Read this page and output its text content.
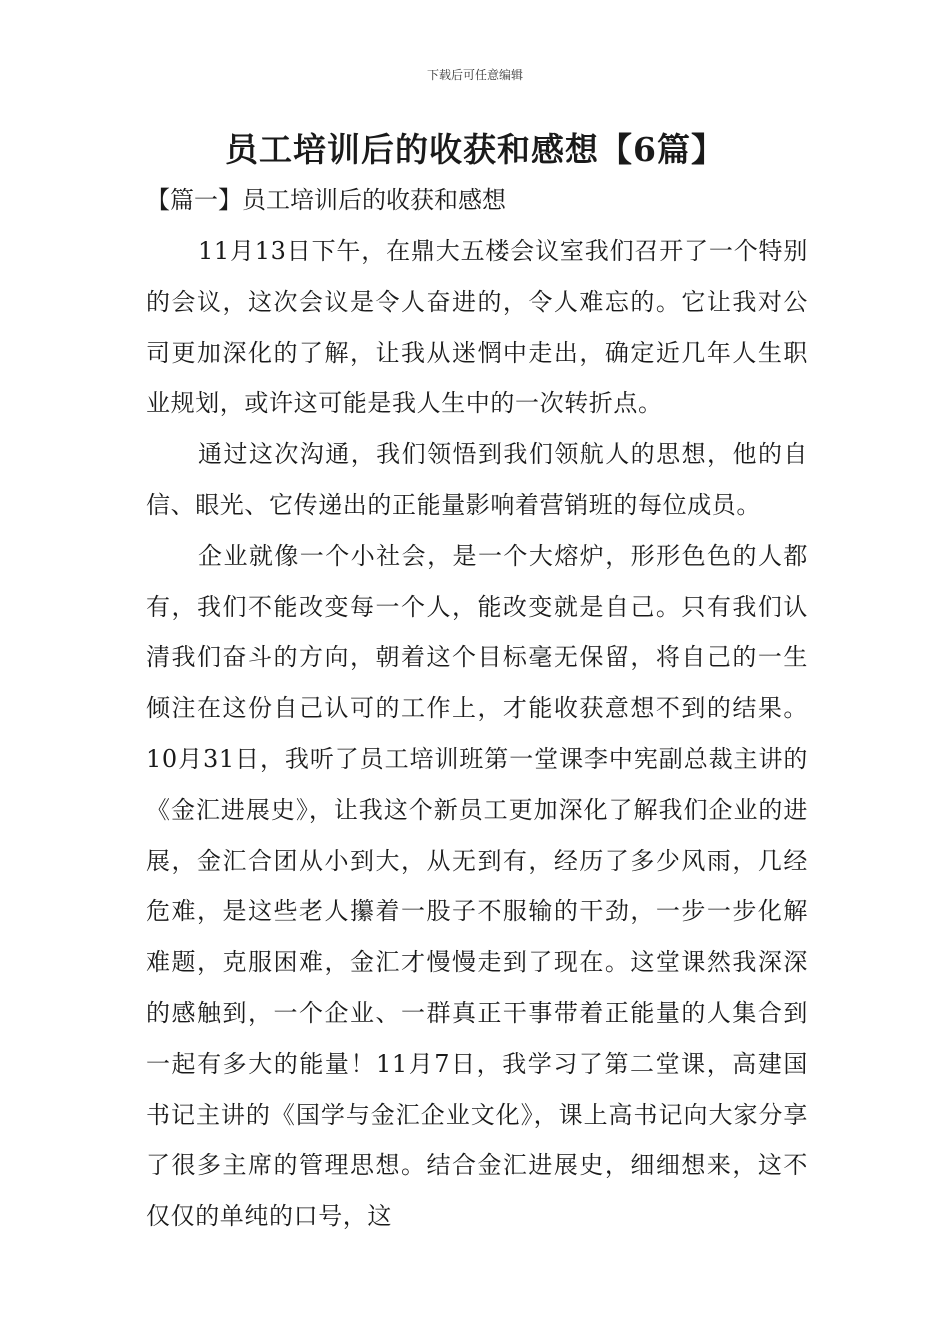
下载后可任意编辑
员工培训后的收获和感想【6篇】
【篇一】员工培训后的收获和感想

11月13日下午，在鼎大五楼会议室我们召开了一个特别的会议，这次会议是令人奋进的，令人难忘的。它让我对公司更加深化的了解，让我从迷惘中走出，确定近几年人生职业规划，或许这可能是我人生中的一次转折点。

通过这次沟通，我们领悟到我们领航人的思想，他的自信、眼光、它传递出的正能量影响着营销班的每位成员。

企业就像一个小社会，是一个大熔炉，形形色色的人都有，我们不能改变每一个人，能改变就是自己。只有我们认清我们奋斗的方向，朝着这个目标毫无保留，将自己的一生倾注在这份自己认可的工作上，才能收获意想不到的结果。10月31日，我听了员工培训班第一堂课李中宪副总裁主讲的《金汇进展史》，让我这个新员工更加深化了解我们企业的进展，金汇合团从小到大，从无到有，经历了多少风雨，几经危难，是这些老人攥着一股子不服输的干劲，一步一步化解难题，克服困难，金汇才慢慢走到了现在。这堂课然我深深的感触到，一个企业、一群真正干事带着正能量的人集合到一起有多大的能量！11月7日，我学习了第二堂课，高建国书记主讲的《国学与金汇企业文化》，课上高书记向大家分享了很多主席的管理思想。结合金汇进展史，细细想来，这不仅仅的单纯的口号，这
